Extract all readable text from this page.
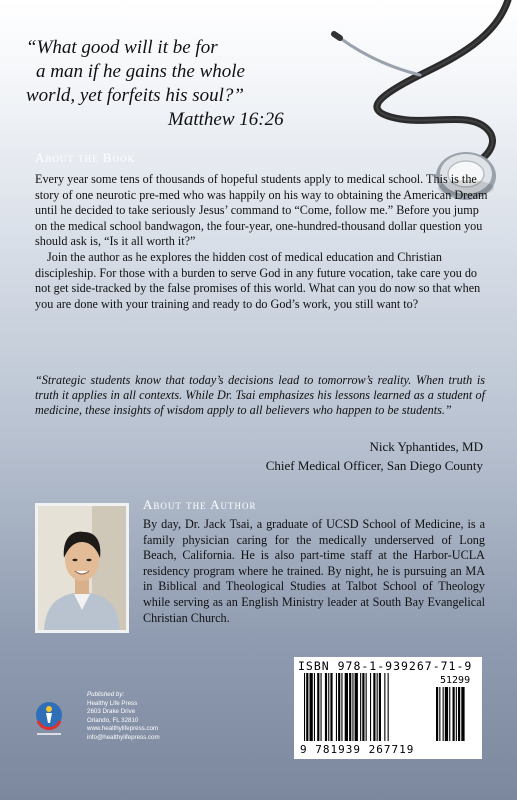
“What good will it be for
a man if he gains the whole
world, yet forfeits his soul?”
Matthew 16:26
About the Book

Every year some tens of thousands of hopeful students apply to medical school. This is the story of one neurotic pre-med who was happily on his way to obtaining the American Dream until he decided to take seriously Jesus’ command to “Come, follow me.” Before you jump on the medical school bandwagon, the four-year, one-hundred-thousand dollar question you should ask is, “Is it all worth it?”

Join the author as he explores the hidden cost of medical education and Christian discipleship. For those with a burden to serve God in any future vocation, take care you do not get side-tracked by the false promises of this world. What can you do now so that when you are done with your training and ready to do God’s work, you still want to?

“Strategic students know that today’s decisions lead to tomorrow’s reality. When truth is truth it applies in all contexts. While Dr. Tsai emphasizes his lessons learned as a student of medicine, these insights of wisdom apply to all believers who happen to be students.”
Nick Yphantides, MD
Chief Medical Officer, San Diego County
About the Author
By day, Dr. Jack Tsai, a graduate of UCSD School of Medicine, is a family physician caring for the medically underserved of Long Beach, California. He is also part-time staff at the Harbor-UCLA residency program where he trained. By night, he is pursuing an MA in Biblical and Theological Studies at Talbot School of Theology while serving as an English Ministry leader at South Bay Evangelical Christian Church.
ISBN 978-1-939267-71-9
51299
9 781939 267719
Published by:
Healthy Life Press
2603 Drake Drive
Orlando, FL 32810
www.healthylifepress.com
info@healthylifepress.com
